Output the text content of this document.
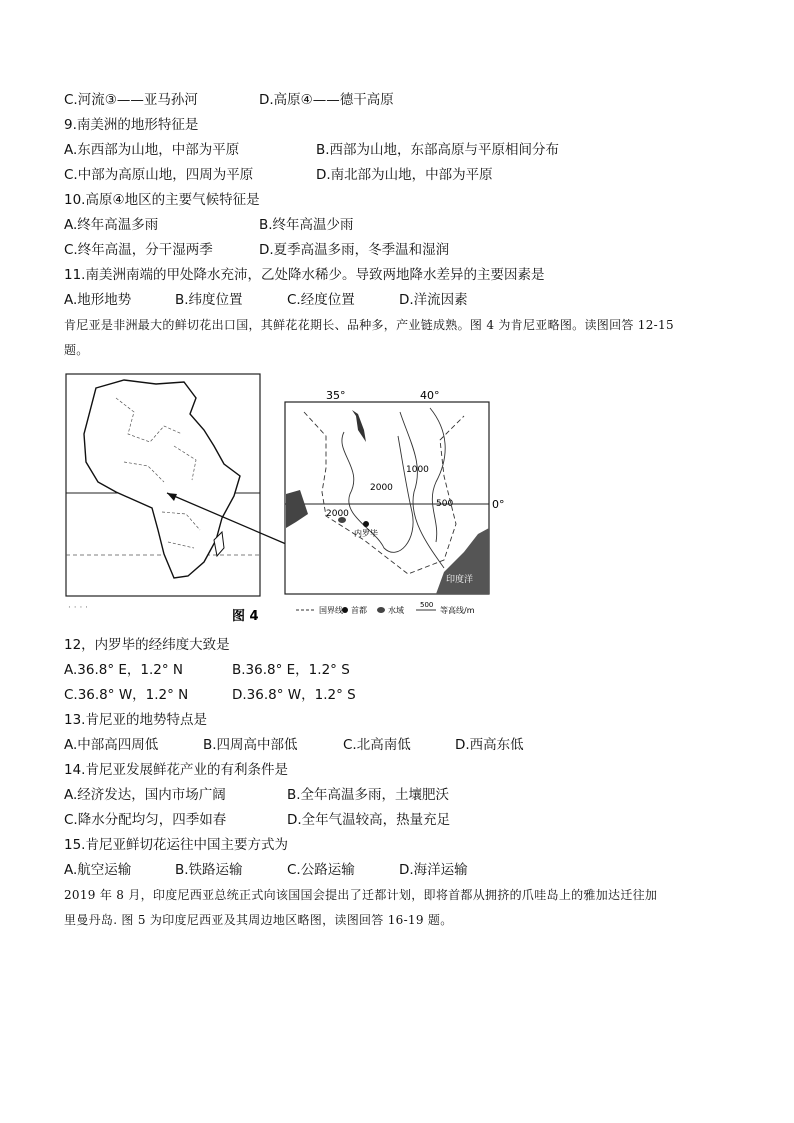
C.河流③——亚马孙河	D.高原④——德干高原
9.南美洲的地形特征是
A.东西部为山地，中部为平原	B.西部为山地，东部高原与平原相间分布
C.中部为高原山地，四周为平原	D.南北部为山地，中部为平原
10.高原④地区的主要气候特征是
A.终年高温多雨	B.终年高温少雨
C.终年高温，分干湿两季	D.夏季高温多雨，冬季温和湿润
11.南美洲南端的甲处降水充沛，乙处降水稀少。导致两地降水差异的主要因素是
A.地形地势	B.纬度位置	C.经度位置	D.洋流因素
肯尼亚是非洲最大的鲜切花出口国，其鲜花花期长、品种多，产业链成熟。图 4 为肯尼亚略图。读图回答 12-15
题。
12，内罗毕的经纬度大致是
A.36.8° E，1.2° N	B.36.8° E，1.2° S
C.36.8° W，1.2° N	D.36.8° W，1.2° S
13.肯尼亚的地势特点是
A.中部高四周低	B.四周高中部低	C.北高南低	D.西高东低
14.肯尼亚发展鲜花产业的有利条件是
A.经济发达，国内市场广阔	B.全年高温多雨，土壤肥沃
C.降水分配均匀，四季如春	D.全年气温较高，热量充足
15.肯尼亚鲜切花运往中国主要方式为
A.航空运输	B.铁路运输	C.公路运输	D.海洋运输
2019 年 8 月，印度尼西亚总统正式向该国国会提出了迁都计划，即将首都从拥挤的爪哇岛上的雅加达迁往加
里曼丹岛. 图 5 为印度尼西亚及其周边地区略图，读图回答 16-19 题。
· · · ·
35°	40°
0°
1000
2000
500
2000
内罗毕
印度洋
国界线 首都	水域
500
等高线/m
图 4
